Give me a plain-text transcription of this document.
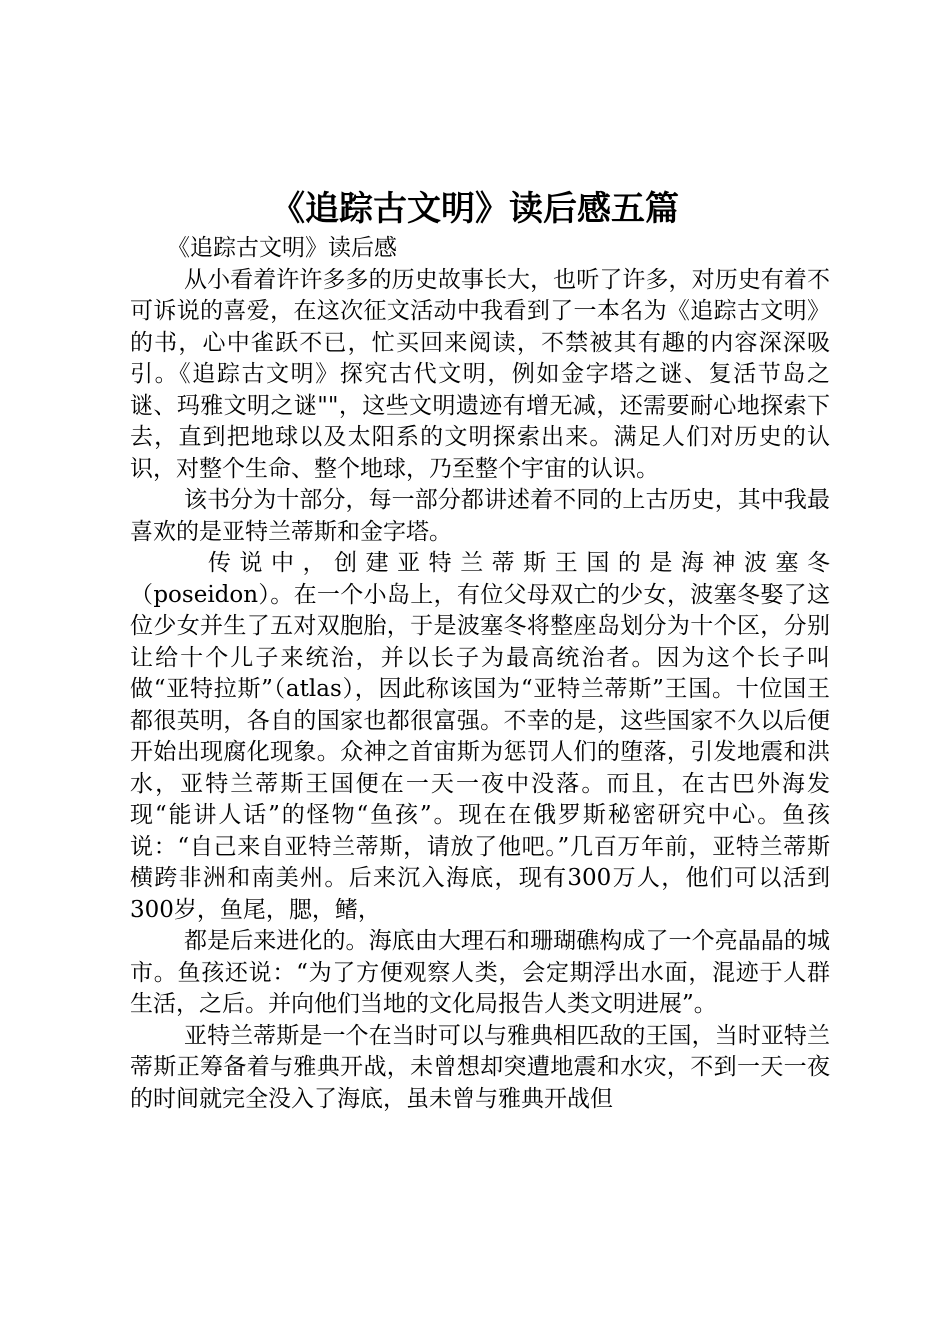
《追踪古文明》读后感五篇

《追踪古文明》读后感

从小看着许许多多的历史故事长大，也听了许多，对历史有着不可诉说的喜爱，在这次征文活动中我看到了一本名为《追踪古文明》的书，心中雀跃不已，忙买回来阅读，不禁被其有趣的内容深深吸引。《追踪古文明》探究古代文明，例如金字塔之谜、复活节岛之谜、玛雅文明之谜""，这些文明遗迹有增无减，还需要耐心地探索下去，直到把地球以及太阳系的文明探索出来。满足人们对历史的认识，对整个生命、整个地球，乃至整个宇宙的认识。

该书分为十部分，每一部分都讲述着不同的上古历史，其中我最喜欢的是亚特兰蒂斯和金字塔。

传说中，创建亚特兰蒂斯王国的是海神波塞冬（poseidon）。在一个小岛上，有位父母双亡的少女，波塞冬娶了这位少女并生了五对双胞胎，于是波塞冬将整座岛划分为十个区，分别让给十个儿子来统治，并以长子为最高统治者。因为这个长子叫做“亚特拉斯”（atlas），因此称该国为“亚特兰蒂斯”王国。十位国王都很英明，各自的国家也都很富强。不幸的是，这些国家不久以后便开始出现腐化现象。众神之首宙斯为惩罚人们的堕落，引发地震和洪水，亚特兰蒂斯王国便在一天一夜中没落。而且，在古巴外海发现“能讲人话”的怪物“鱼孩”。现在在俄罗斯秘密研究中心。鱼孩说：“自己来自亚特兰蒂斯，请放了他吧。”几百万年前，亚特兰蒂斯横跨非洲和南美州。后来沉入海底，现有300万人，他们可以活到300岁，鱼尾，腮，鳍，

都是后来进化的。海底由大理石和珊瑚礁构成了一个亮晶晶的城市。鱼孩还说：“为了方便观察人类，会定期浮出水面，混迹于人群生活，之后。并向他们当地的文化局报告人类文明进展”。

亚特兰蒂斯是一个在当时可以与雅典相匹敌的王国，当时亚特兰蒂斯正筹备着与雅典开战，未曾想却突遭地震和水灾，不到一天一夜的时间就完全没入了海底，虽未曾与雅典开战但
